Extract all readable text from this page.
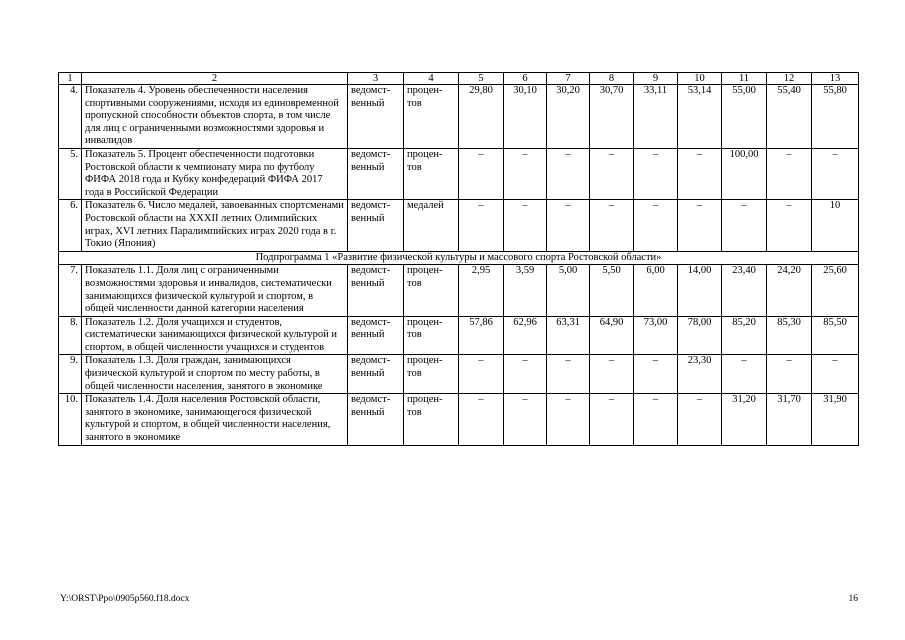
1	2	3	4	5	6	7	8	9	10	11	12	13
4.	Показатель 4. Уровень обеспеченности населения спортивными сооружениями, исходя из единовременной пропускной способности объектов спорта, в том числе для лиц с ограниченными возможностями здоровья и инвалидов	ведомст-венный	процен-тов	29,80	30,10	30,20	30,70	33,11	53,14	55,00	55,40	55,80
5.	Показатель 5. Процент обеспеченности подготовки Ростовской области к чемпионату мира по футболу ФИФА 2018 года и Кубку конфедераций ФИФА 2017 года в Российской Федерации	ведомст-венный	процен-тов	–	–	–	–	–	–	100,00	–	–
6.	Показатель 6. Число медалей, завоеванных спортсменами Ростовской области на XXXII летних Олимпийских играх, XVI летних Паралимпийских играх 2020 года в г. Токио (Япония)	ведомст-венный	медалей	–	–	–	–	–	–	–	–	10
Подпрограмма 1 «Развитие физической культуры и массового спорта Ростовской области»												
7.	Показатель 1.1. Доля лиц с ограниченными возможностями здоровья и инвалидов, систематически занимающихся физической культурой и спортом, в общей численности данной категории населения	ведомст-венный	процен-тов	2,95	3,59	5,00	5,50	6,00	14,00	23,40	24,20	25,60
8.	Показатель 1.2. Доля учащихся и студентов, систематически занимающихся физической культурой и спортом, в общей численности учащихся и студентов	ведомст-венный	процен-тов	57,86	62,96	63,31	64,90	73,00	78,00	85,20	85,30	85,50
9.	Показатель 1.3. Доля граждан, занимающихся физической культурой и спортом по месту работы, в общей численности населения, занятого в экономике	ведомст-венный	процен-тов	–	–	–	–	–	23,30	–	–	–
10.	Показатель 1.4. Доля населения Ростовской области, занятого в экономике, занимающегося физической культурой и спортом, в общей численности населения, занятого в экономике	ведомст-венный	процен-тов	–	–	–	–	–	–	31,20	31,70	31,90
Y:\ORST\Ppo\0905p560.f18.docx	16
